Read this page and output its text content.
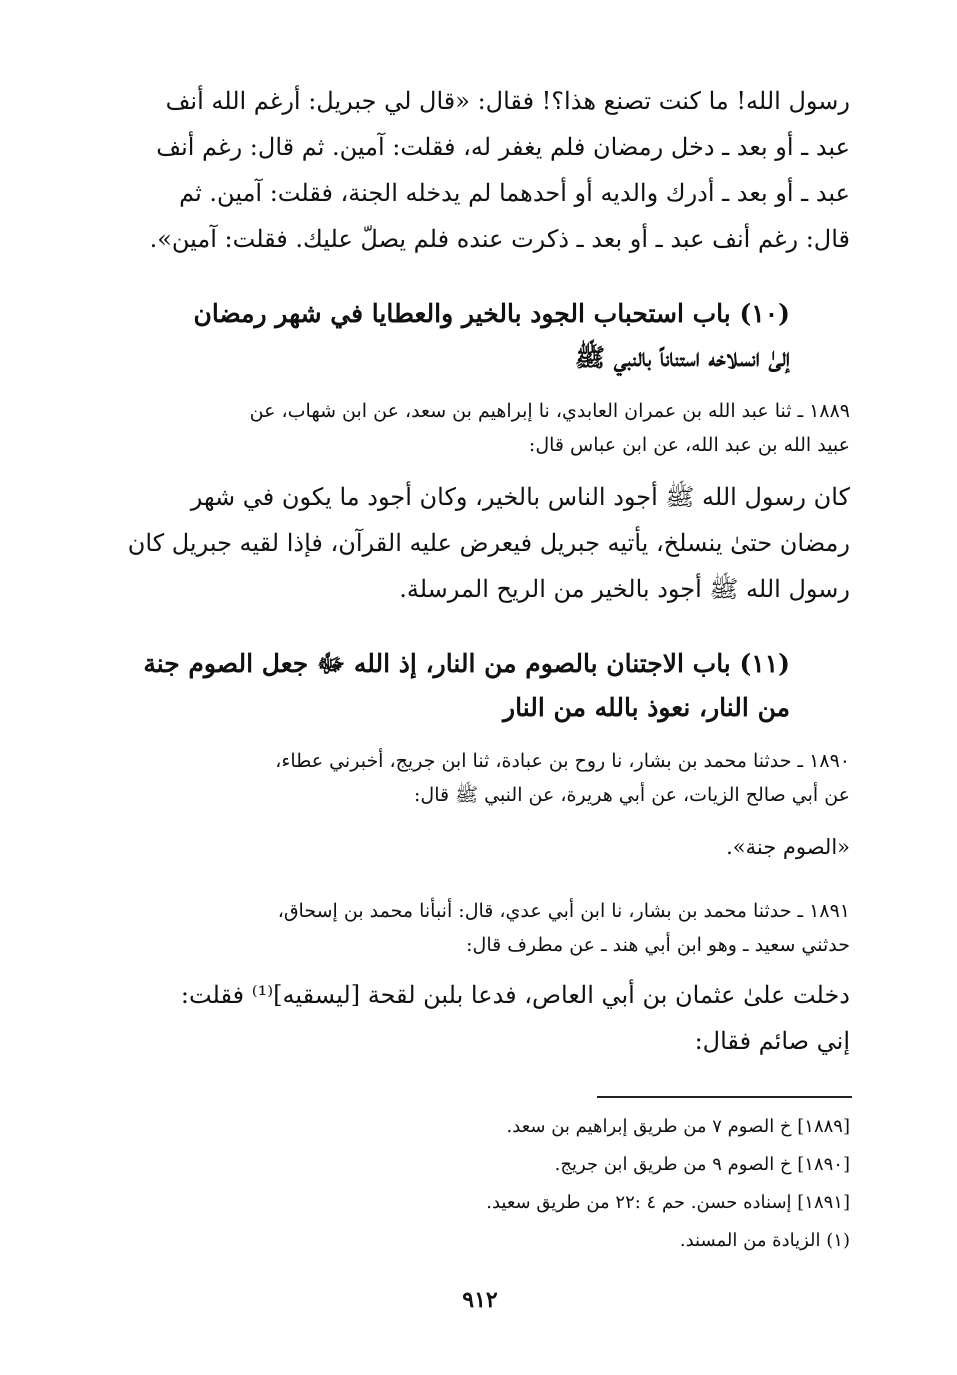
رسول الله! ما كنت تصنع هذا؟! فقال: «قال لي جبريل: أرغم الله أنف
عبد ـ أو بعد ـ دخل رمضان فلم يغفر له، فقلت: آمين. ثم قال: رغم أنف
عبد ـ أو بعد ـ أدرك والديه أو أحدهما لم يدخله الجنة، فقلت: آمين. ثم
قال: رغم أنف عبد ـ أو بعد ـ ذكرت عنده فلم يصلّ عليك. فقلت: آمين».
(١٠) باب استحباب الجود بالخير والعطايا في شهر رمضان
إلىٰ انسلاخه استناناً بالنبي ﷺ
١٨٨٩ ـ ثنا عبد الله بن عمران العابدي، نا إبراهيم بن سعد، عن ابن شهاب، عن
عبيد الله بن عبد الله، عن ابن عباس قال:
كان رسول الله ﷺ أجود الناس بالخير، وكان أجود ما يكون في شهر
رمضان حتىٰ ينسلخ، يأتيه جبريل فيعرض عليه القرآن، فإذا لقيه جبريل كان
رسول الله ﷺ أجود بالخير من الريح المرسلة.
(١١) باب الاجتنان بالصوم من النار، إذ الله ﷻ جعل الصوم جنة
من النار، نعوذ بالله من النار
١٨٩٠ ـ حدثنا محمد بن بشار، نا روح بن عبادة، ثنا ابن جريج، أخبرني عطاء،
عن أبي صالح الزيات، عن أبي هريرة، عن النبي ﷺ قال:
«الصوم جنة».
١٨٩١ ـ حدثنا محمد بن بشار، نا ابن أبي عدي، قال: أنبأنا محمد بن إسحاق،
حدثني سعيد ـ وهو ابن أبي هند ـ عن مطرف قال:
دخلت علىٰ عثمان بن أبي العاص، فدعا بلبن لقحة [ليسقيه]⁽¹⁾ فقلت:
إني صائم فقال:
[١٨٨٩] خ الصوم ٧ من طريق إبراهيم بن سعد.
[١٨٩٠] خ الصوم ٩ من طريق ابن جريج.
[١٨٩١] إسناده حسن. حم ٤ :٢٢ من طريق سعيد.
(١) الزيادة من المسند.
٩١٢
